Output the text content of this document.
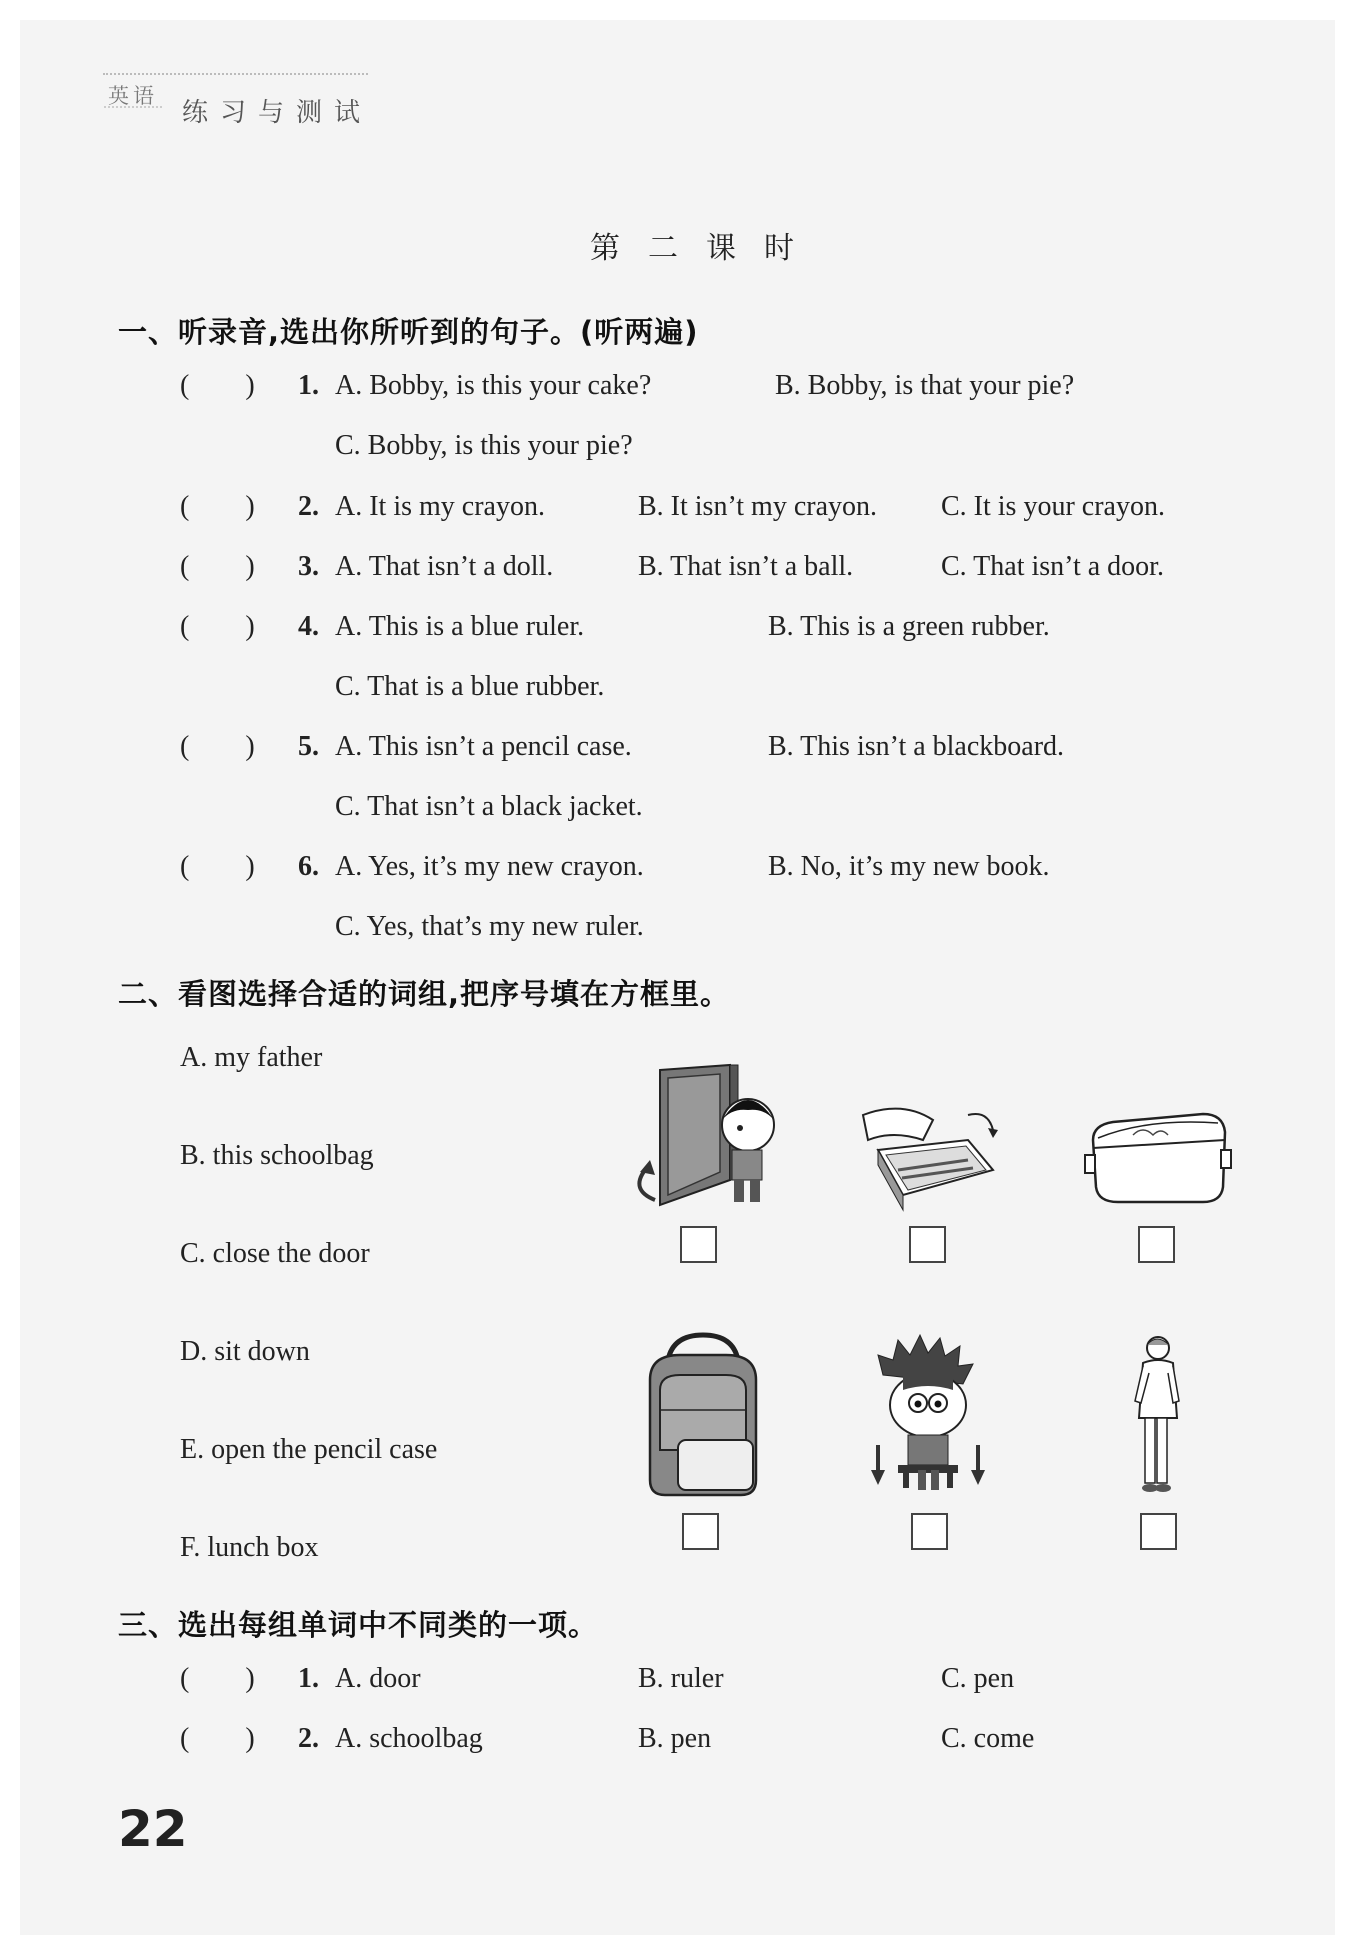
英语
练习与测试
第二课时
一、听录音,选出你所听到的句子。(听两遍)
(        ) 1. A. Bobby, is this your cake?	B. Bobby, is that your pie?
C. Bobby, is this your pie?
(        ) 2. A. It is my crayon.	B. It isn’t my crayon. C. It is your crayon.
(        ) 3. A. That isn’t a doll.	B. That isn’t a ball.	C. That isn’t a door.
(        ) 4. A. This is a blue ruler.	B. This is a green rubber.
C. That is a blue rubber.
(        ) 5. A. This isn’t a pencil case.	B. This isn’t a blackboard.
C. That isn’t a black jacket.
(        ) 6. A. Yes, it’s my new crayon.	B. No, it’s my new book.
C. Yes, that’s my new ruler.
二、看图选择合适的词组,把序号填在方框里。
A. my father
B. this schoolbag
C. close the door
D. sit down
E. open the pencil case
F. lunch box
三、选出每组单词中不同类的一项。
(        ) 1. A. door	B. ruler	C. pen
(        ) 2. A. schoolbag	B. pen	C. come
22
